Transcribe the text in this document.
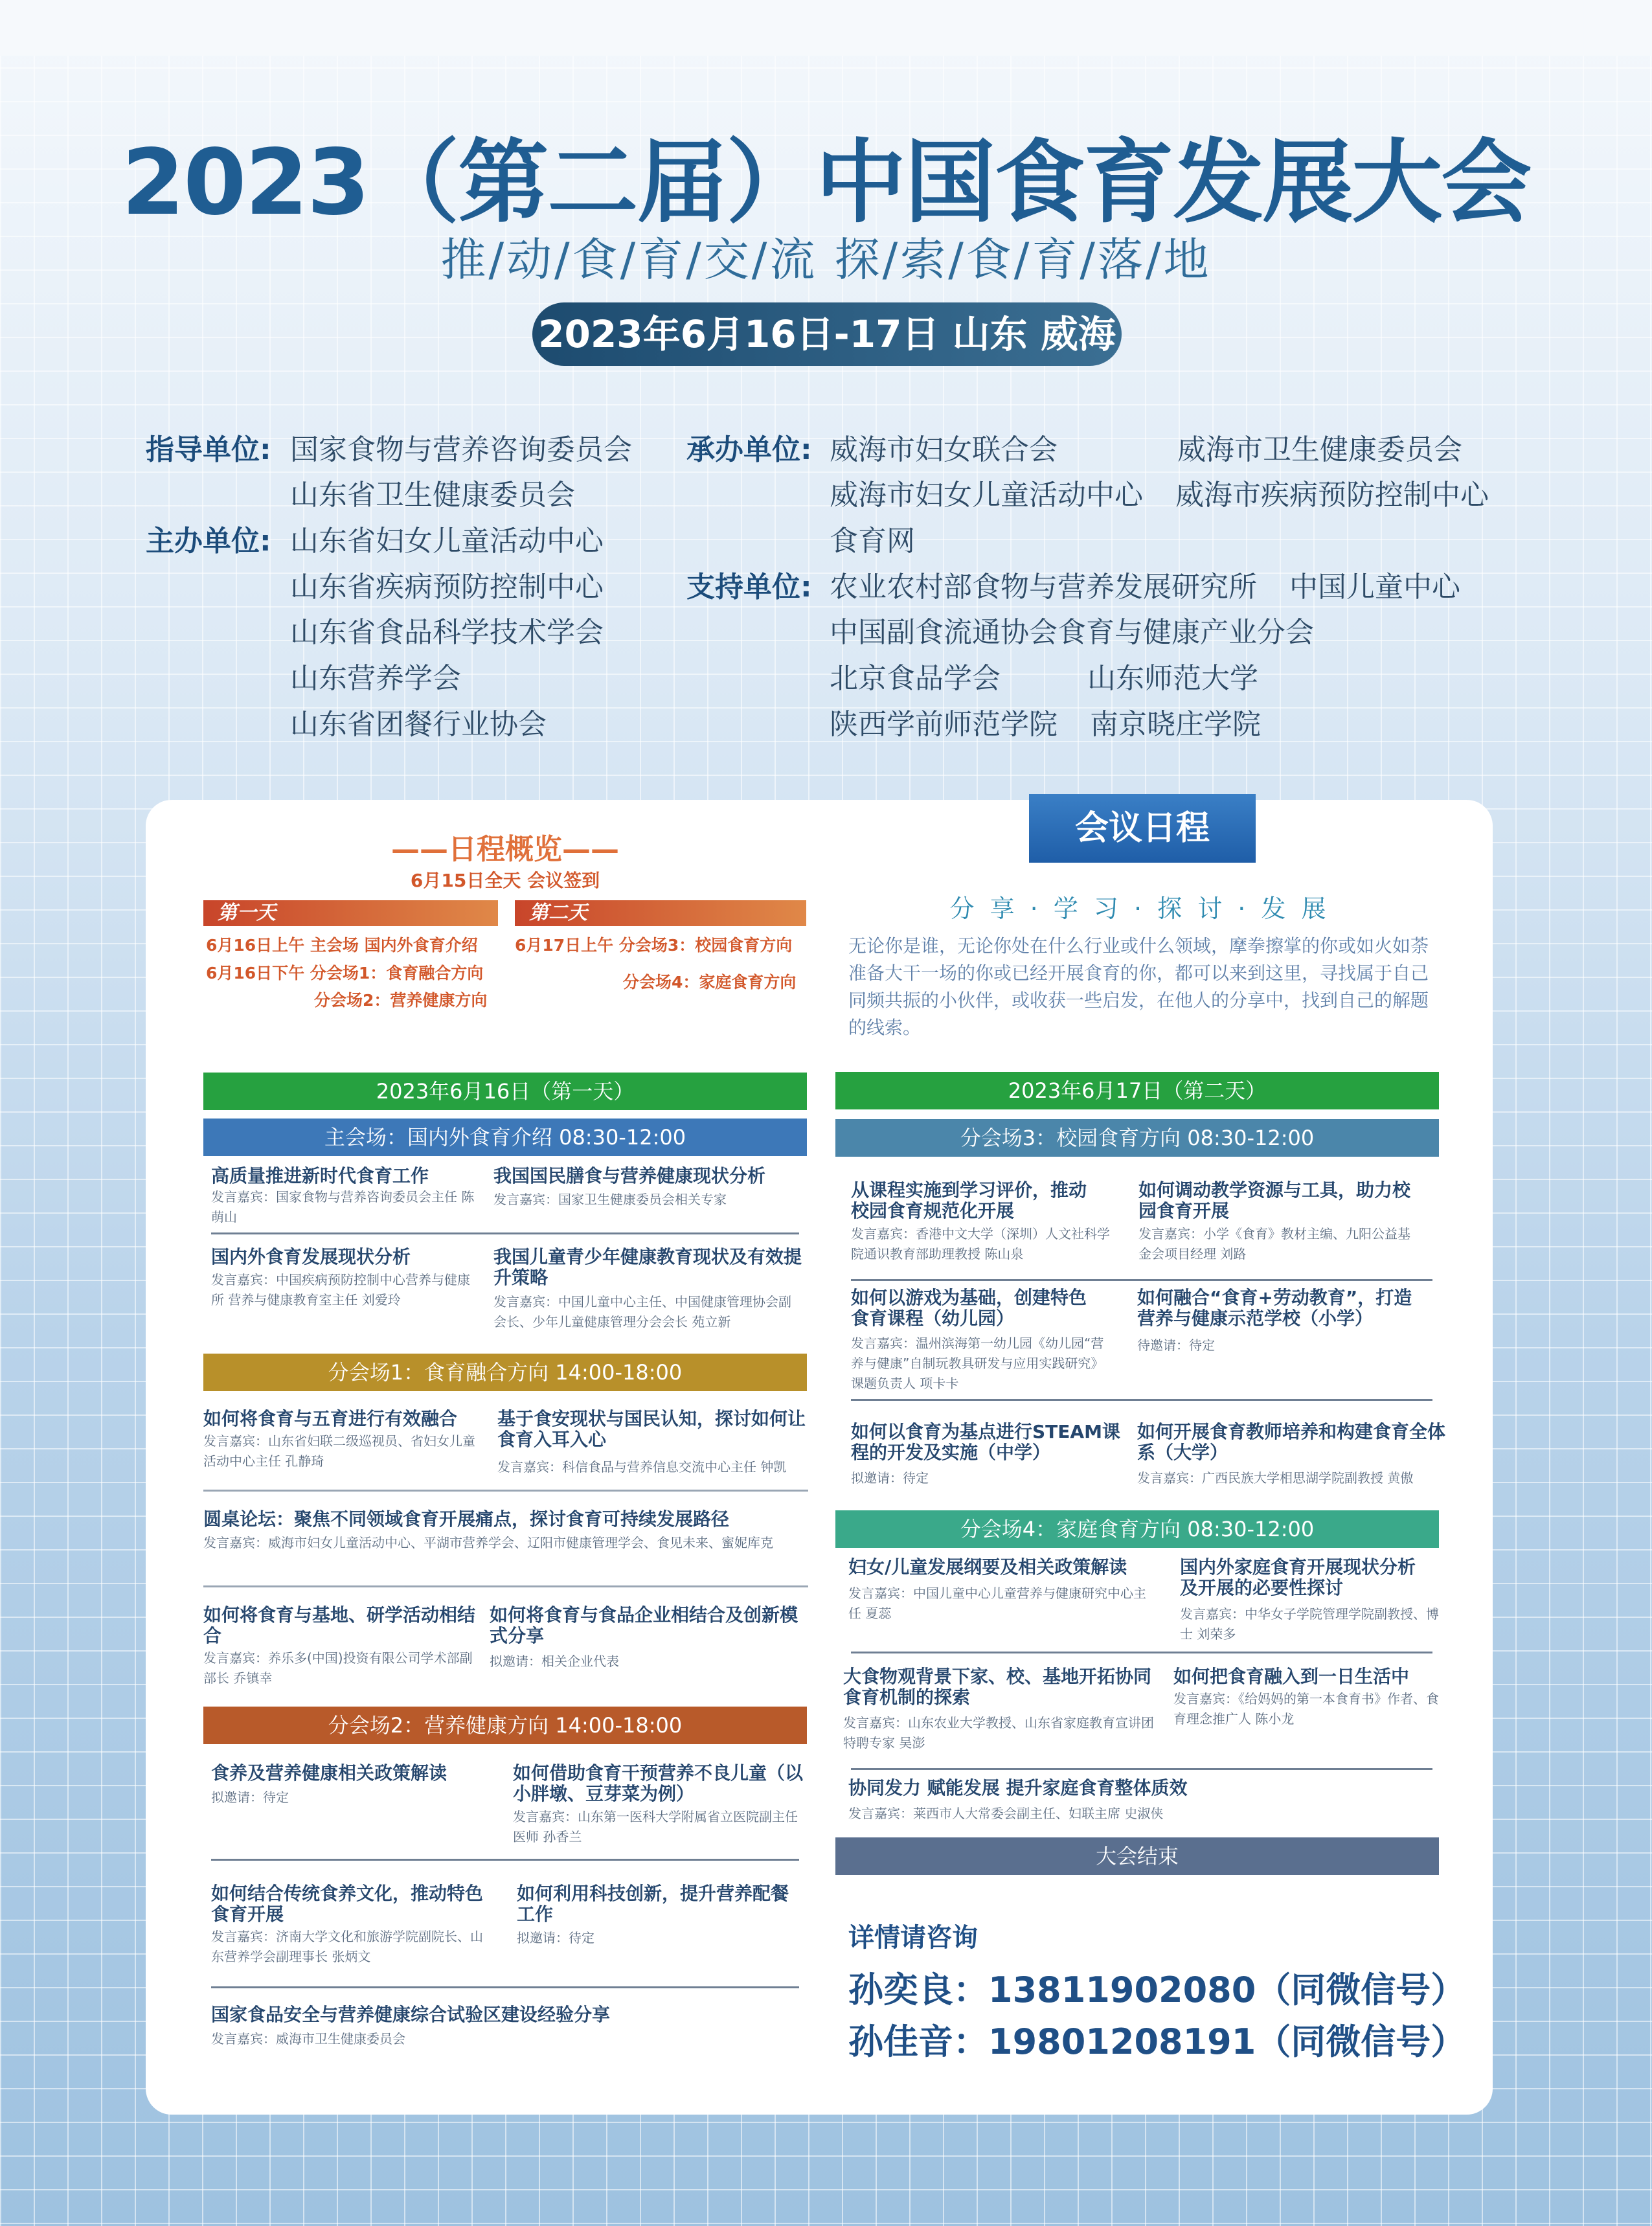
2023（第二届）中国食育发展大会
推/动/食/育/交/流 探/索/食/育/落/地
2023年6月16日-17日 山东 威海
指导单位: 国家食物与营养咨询委员会
山东省卫生健康委员会
主办单位: 山东省妇女儿童活动中心
山东省疾病预防控制中心
山东省食品科学技术学会
山东营养学会
山东省团餐行业协会
承办单位: 威海市妇女联合会	威海市卫生健康委员会
威海市妇女儿童活动中心 威海市疾病预防控制中心
食育网
支持单位: 农业农村部食物与营养发展研究所 中国儿童中心
中国副食流通协会食育与健康产业分会
北京食品学会	山东师范大学
陕西学前师范学院 南京晓庄学院
——日程概览——
6月15日全天 会议签到
第一天	第二天
6月16日上午 主会场 国内外食育介绍
6月16日下午 分会场1：食育融合方向
分会场2：营养健康方向
6月17日上午 分会场3：校园食育方向
分会场4：家庭食育方向
会议日程
分 享 · 学 习 · 探 讨 · 发 展
无论你是谁，无论你处在什么行业或什么领域，摩拳擦掌的你或如火如荼准备大干一场的你或已经开展食育的你，都可以来到这里，寻找属于自己同频共振的小伙伴，或收获一些启发，在他人的分享中，找到自己的解题的线索。
2023年6月16日（第一天）
主会场：国内外食育介绍 08:30-12:00
高质量推进新时代食育工作
发言嘉宾：国家食物与营养咨询委员会主任 陈萌山
我国国民膳食与营养健康现状分析
发言嘉宾：国家卫生健康委员会相关专家
国内外食育发展现状分析
发言嘉宾：中国疾病预防控制中心营养与健康所 营养与健康教育室主任 刘爱玲
我国儿童青少年健康教育现状及有效提升策略
发言嘉宾：中国儿童中心主任、中国健康管理协会副会长、少年儿童健康管理分会会长 苑立新
分会场1：食育融合方向 14:00-18:00
如何将食育与五育进行有效融合
发言嘉宾：山东省妇联二级巡视员、省妇女儿童活动中心主任 孔静琦
基于食安现状与国民认知，探讨如何让食育入耳入心
发言嘉宾：科信食品与营养信息交流中心主任 钟凯
圆桌论坛：聚焦不同领域食育开展痛点，探讨食育可持续发展路径
发言嘉宾：威海市妇女儿童活动中心、平湖市营养学会、辽阳市健康管理学会、食见未来、蜜妮库克
如何将食育与基地、研学活动相结合
发言嘉宾：养乐多(中国)投资有限公司学术部副部长 乔镇幸
如何将食育与食品企业相结合及创新模式分享
拟邀请：相关企业代表
分会场2：营养健康方向 14:00-18:00
食养及营养健康相关政策解读
拟邀请：待定
如何借助食育干预营养不良儿童（以小胖墩、豆芽菜为例）
发言嘉宾：山东第一医科大学附属省立医院副主任医师 孙香兰
如何结合传统食养文化，推动特色食育开展
发言嘉宾：济南大学文化和旅游学院副院长、山东营养学会副理事长 张炳文
如何利用科技创新，提升营养配餐工作
拟邀请：待定
国家食品安全与营养健康综合试验区建设经验分享
发言嘉宾：威海市卫生健康委员会
2023年6月17日（第二天）
分会场3：校园食育方向 08:30-12:00
从课程实施到学习评价，推动校园食育规范化开展
发言嘉宾：香港中文大学（深圳）人文社科学院通识教育部助理教授 陈山泉
如何调动教学资源与工具，助力校园食育开展
发言嘉宾：小学《食育》教材主编、九阳公益基金会项目经理 刘路
如何以游戏为基础，创建特色食育课程（幼儿园）
发言嘉宾：温州滨海第一幼儿园《幼儿园“营养与健康”自制玩教具研发与应用实践研究》课题负责人 项卡卡
如何融合“食育+劳动教育”，打造营养与健康示范学校（小学）
待邀请：待定
如何以食育为基点进行STEAM课程的开发及实施（中学）
拟邀请：待定
如何开展食育教师培养和构建食育全体系（大学）
发言嘉宾：广西民族大学相思湖学院副教授 黄傲
分会场4：家庭食育方向 08:30-12:00
妇女/儿童发展纲要及相关政策解读
发言嘉宾：中国儿童中心儿童营养与健康研究中心主任 夏蕊
国内外家庭食育开展现状分析及开展的必要性探讨
发言嘉宾：中华女子学院管理学院副教授、博士 刘荣多
大食物观背景下家、校、基地开拓协同食育机制的探索
发言嘉宾：山东农业大学教授、山东省家庭教育宣讲团特聘专家 吴澎
如何把食育融入到一日生活中
发言嘉宾：《给妈妈的第一本食育书》作者、食育理念推广人 陈小龙
协同发力 赋能发展 提升家庭食育整体质效
发言嘉宾：莱西市人大常委会副主任、妇联主席 史淑侠
大会结束
详情请咨询
孙奕良：13811902080（同微信号）
孙佳音：19801208191（同微信号）
